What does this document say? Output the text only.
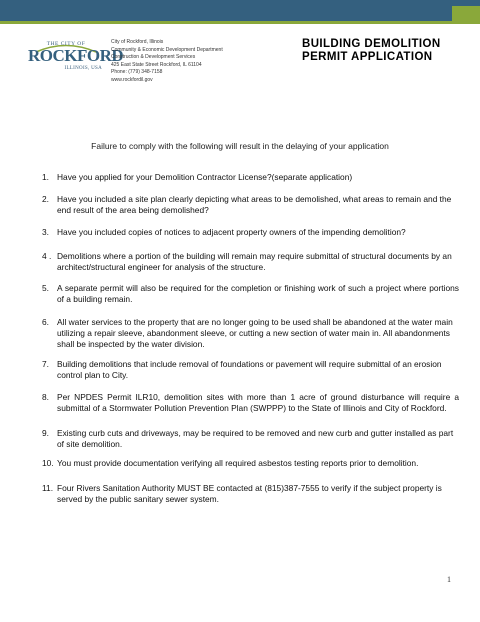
THE CITY OF
ROCKFORD
ILLINOIS, USA
City of Rockford, Illinois
Community & Economic Development Department
Construction & Development Services
425 East State Street Rockford, IL 61104
Phone: (779) 348-7158
www.rockfordil.gov
BUILDING DEMOLITION
PERMIT APPLICATION
Failure to comply with the following will result in the delaying of your application
1. Have you applied for your Demolition Contractor License?(separate application)
2. Have you included a site plan clearly depicting what areas to be demolished, what areas to remain and the end result of the area being demolished?
3. Have you included copies of notices to adjacent property owners of the impending demolition?
4 . Demolitions where a portion of the building will remain may require submittal of structural documents by an architect/structural engineer for analysis of the structure.
5. A separate permit will also be required for the completion or finishing work of such a project where portions of a building remain.
6. All water services to the property that are no longer going to be used shall be abandoned at the water main utilizing a repair sleeve, abandonment sleeve, or cutting a new section of water main in. All abandonments shall be inspected by the water division.
7. Building demolitions that include removal of foundations or pavement will require submittal of an erosion control plan to City.
8. Per NPDES Permit ILR10, demolition sites with more than 1 acre of ground disturbance will require a submittal of a Stormwater Pollution Prevention Plan (SWPPP) to the State of Illinois and City of Rockford.
9. Existing curb cuts and driveways, may be required to be removed and new curb and gutter installed as part of site demolition.
10. You must provide documentation verifying all required asbestos testing reports prior to demolition.
11. Four Rivers Sanitation Authority MUST BE contacted at (815)387-7555 to verify if the subject property is served by the public sanitary sewer system.
1
